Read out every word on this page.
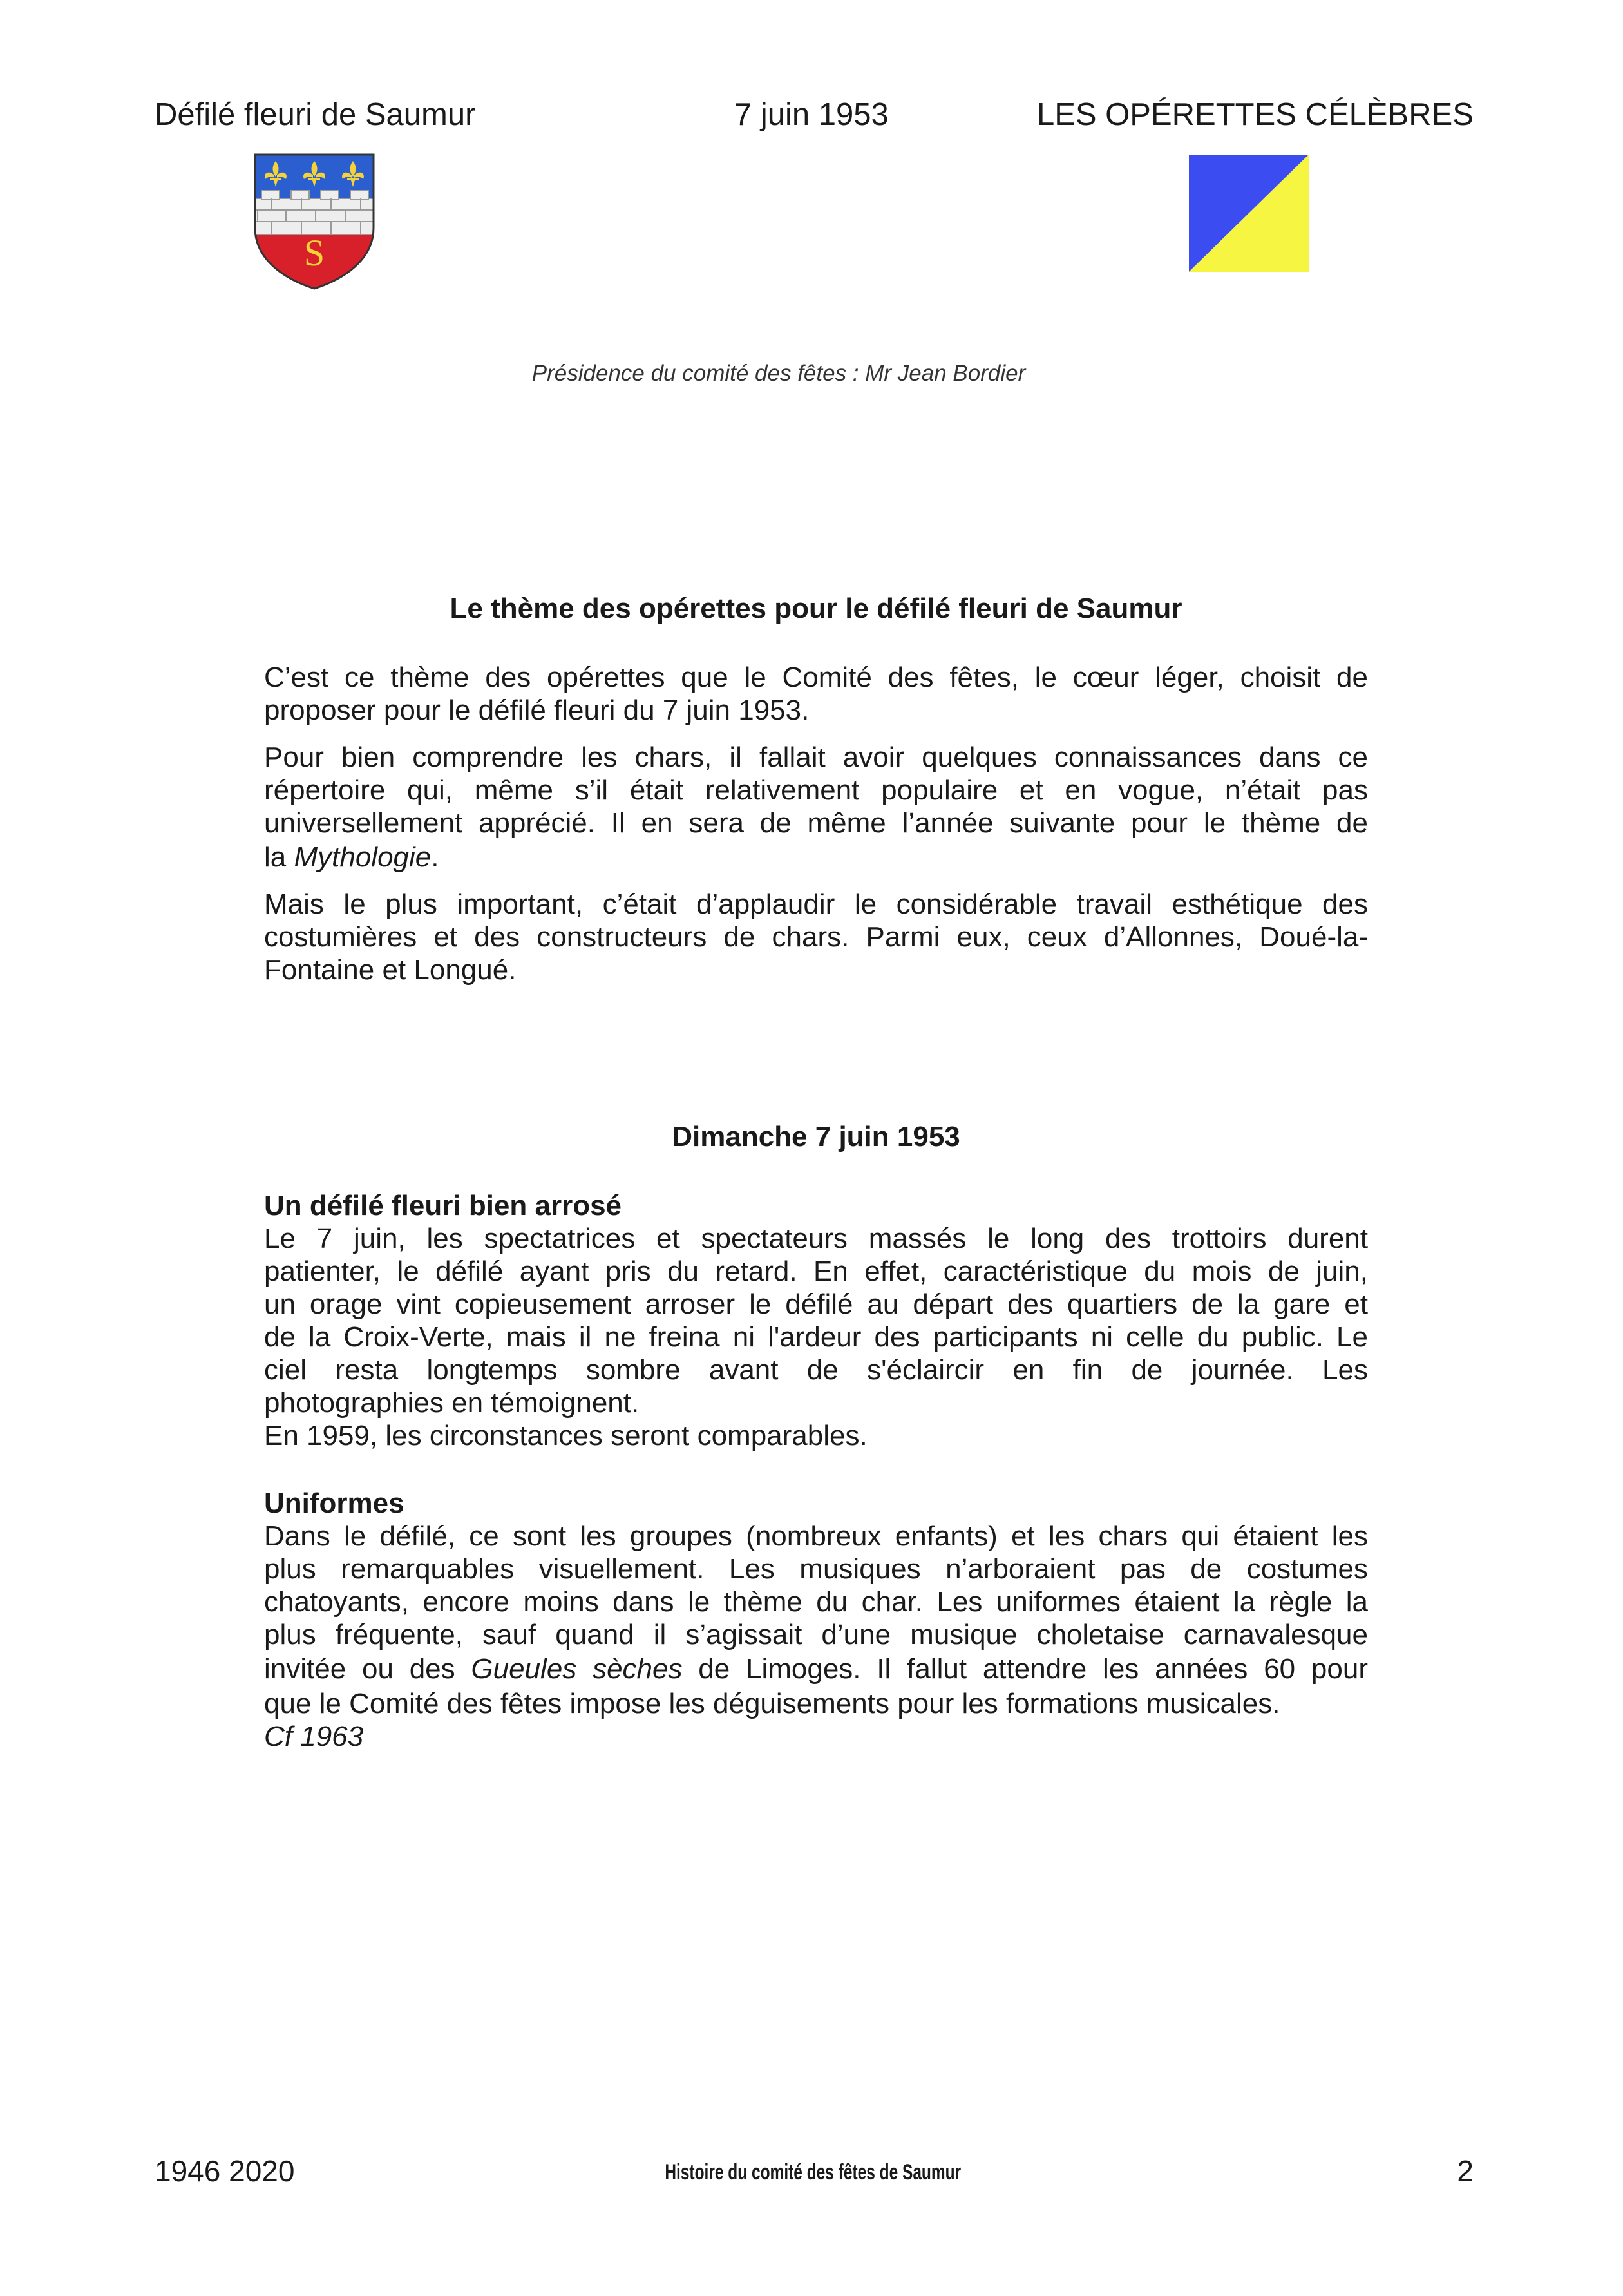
Défilé fleuri de Saumur	7 juin 1953	LES OPÉRETTES CÉLÈBRES
S
Présidence du comité des fêtes : Mr Jean Bordier
Le thème des opérettes pour le défilé fleuri de Saumur
C’est ce thème des opérettes que le Comité des fêtes, le cœur léger, choisit de
proposer pour le défilé fleuri du 7 juin 1953.
Pour bien comprendre les chars, il fallait avoir quelques connaissances dans ce
répertoire qui, même s’il était relativement populaire et en vogue, n’était pas
universellement apprécié. Il en sera de même l’année suivante pour le thème de
la Mythologie.
Mais le plus important, c’était d’applaudir le considérable travail esthétique des
costumières et des constructeurs de chars. Parmi eux, ceux d’Allonnes, Doué-la-
Fontaine et Longué.
Dimanche 7 juin 1953
Un défilé fleuri bien arrosé
Le 7 juin, les spectatrices et spectateurs massés le long des trottoirs durent
patienter, le défilé ayant pris du retard. En effet, caractéristique du mois de juin,
un orage vint copieusement arroser le défilé au départ des quartiers de la gare et
de la Croix-Verte, mais il ne freina ni l'ardeur des participants ni celle du public. Le
ciel resta longtemps sombre avant de s'éclaircir en fin de journée. Les
photographies en témoignent.
En 1959, les circonstances seront comparables.
Uniformes
Dans le défilé, ce sont les groupes (nombreux enfants) et les chars qui étaient les
plus remarquables visuellement. Les musiques n’arboraient pas de costumes
chatoyants, encore moins dans le thème du char. Les uniformes étaient la règle la
plus fréquente, sauf quand il s’agissait d’une musique choletaise carnavalesque
invitée ou des Gueules sèches de Limoges. Il fallut attendre les années 60 pour
que le Comité des fêtes impose les déguisements pour les formations musicales.
Cf 1963
1946 2020	Histoire du comité des fêtes de Saumur	2
